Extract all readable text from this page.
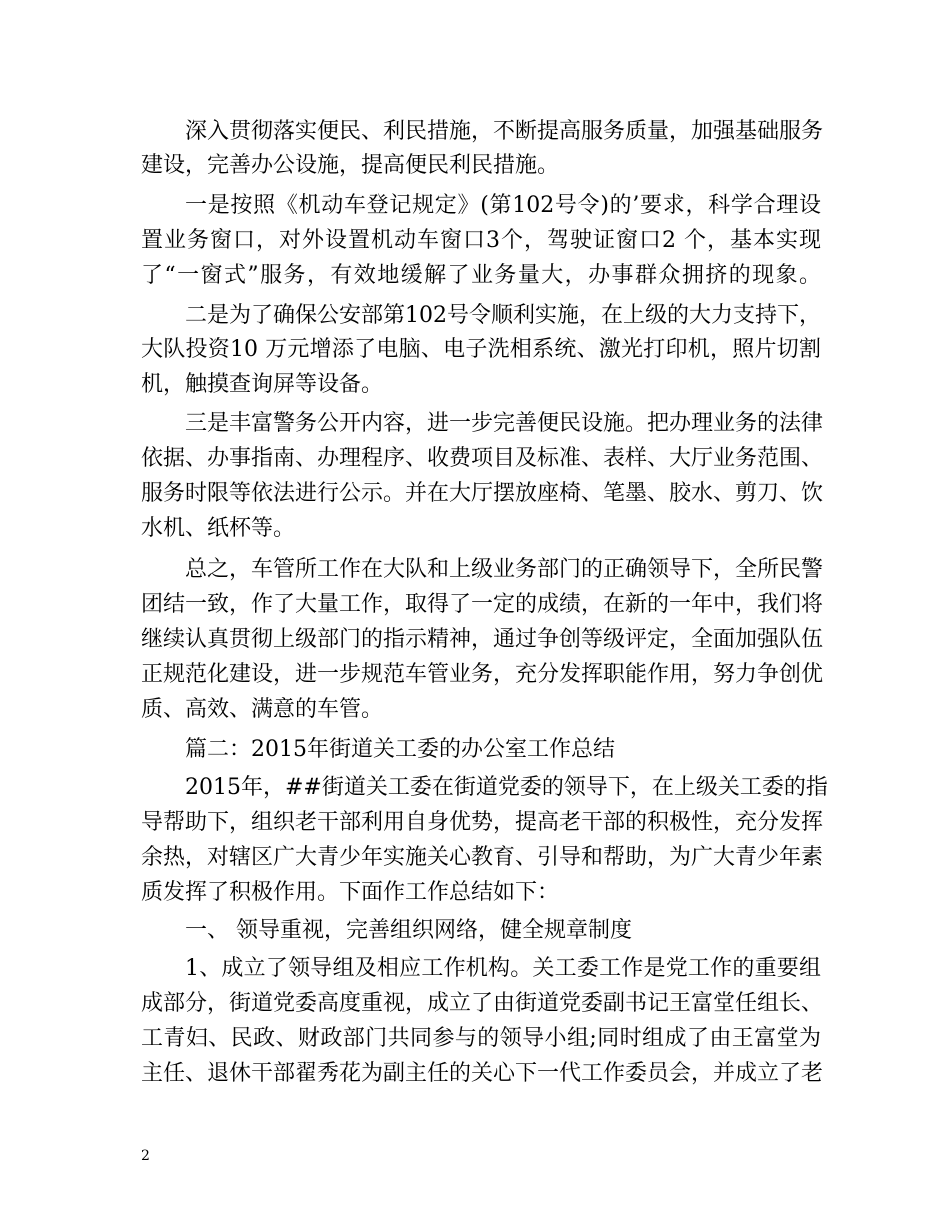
深入贯彻落实便民、利民措施，不断提高服务质量，加强基础服务
建设，完善办公设施，提高便民利民措施。
一是按照《机动车登记规定》(第102号令)的’要求，科学合理设
置业务窗口，对外设置机动车窗口3个，驾驶证窗口2 个，基本实现
了“一窗式”服务，有效地缓解了业务量大，办事群众拥挤的现象。
二是为了确保公安部第102号令顺利实施，在上级的大力支持下，
大队投资10 万元增添了电脑、电子洗相系统、激光打印机，照片切割
机，触摸查询屏等设备。
三是丰富警务公开内容，进一步完善便民设施。把办理业务的法律
依据、办事指南、办理程序、收费项目及标准、表样、大厅业务范围、
服务时限等依法进行公示。并在大厅摆放座椅、笔墨、胶水、剪刀、饮
水机、纸杯等。
总之，车管所工作在大队和上级业务部门的正确领导下，全所民警
团结一致，作了大量工作，取得了一定的成绩，在新的一年中，我们将
继续认真贯彻上级部门的指示精神，通过争创等级评定，全面加强队伍
正规范化建设，进一步规范车管业务，充分发挥职能作用，努力争创优
质、高效、满意的车管。
篇二：2015年街道关工委的办公室工作总结
2015年，##街道关工委在街道党委的领导下，在上级关工委的指
导帮助下，组织老干部利用自身优势，提高老干部的积极性，充分发挥
余热，对辖区广大青少年实施关心教育、引导和帮助，为广大青少年素
质发挥了积极作用。下面作工作总结如下：
一、 领导重视，完善组织网络，健全规章制度
1、成立了领导组及相应工作机构。关工委工作是党工作的重要组
成部分，街道党委高度重视，成立了由街道党委副书记王富堂任组长、
工青妇、民政、财政部门共同参与的领导小组;同时组成了由王富堂为
主任、退休干部翟秀花为副主任的关心下一代工作委员会，并成立了老
2
